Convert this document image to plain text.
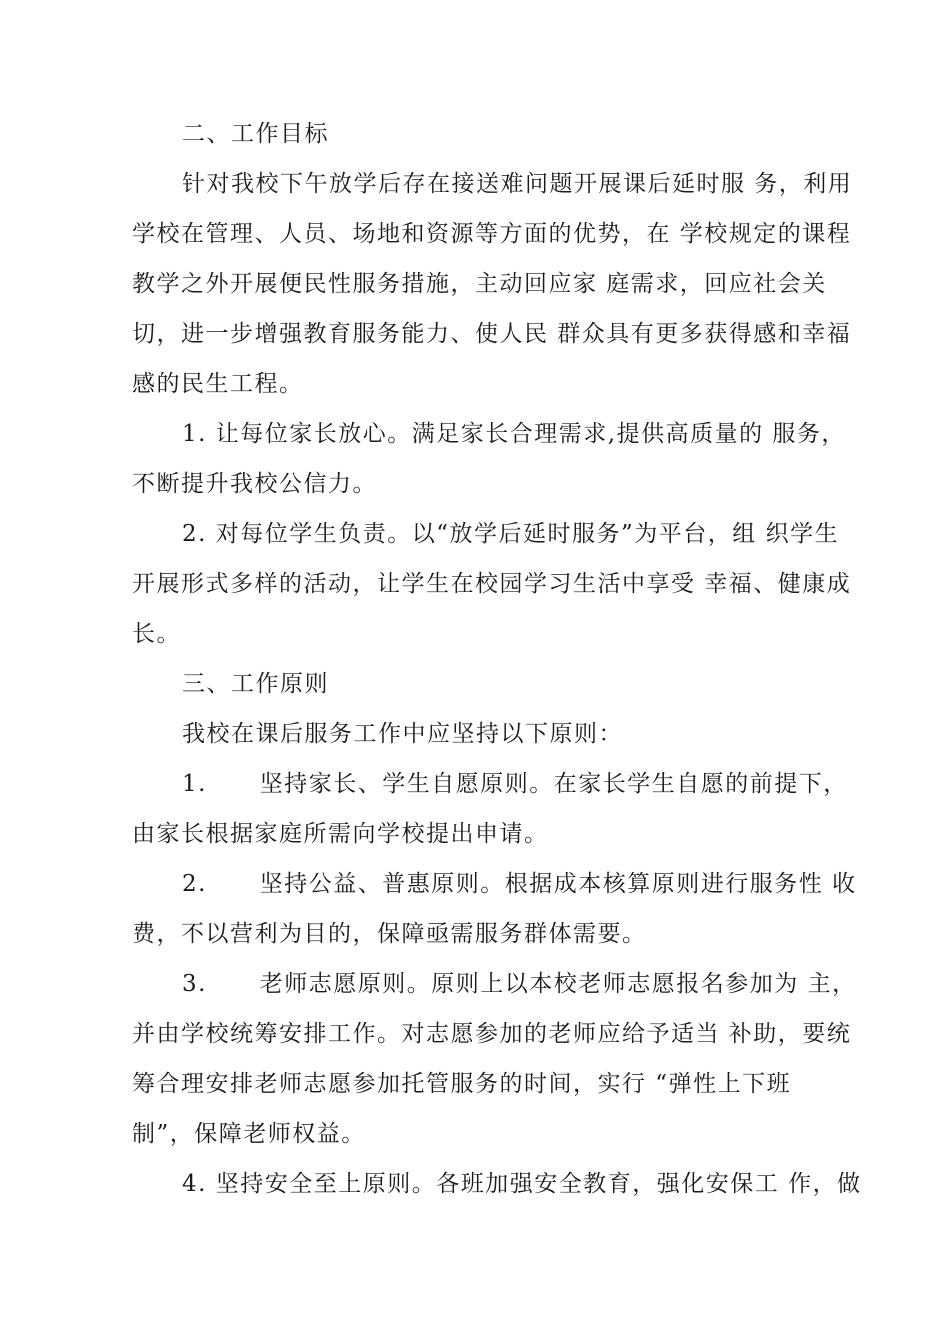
二、工作目标
针对我校下午放学后存在接送难问题开展课后延时服 务，利用
学校在管理、人员、场地和资源等方面的优势，在 学校规定的课程
教学之外开展便民性服务措施，主动回应家 庭需求，回应社会关
切，进一步增强教育服务能力、使人民 群众具有更多获得感和幸福
感的民生工程。
1. 让每位家长放心。满足家长合理需求,提供高质量的 服务，
不断提升我校公信力。
2. 对每位学生负责。以“放学后延时服务”为平台，组 织学生
开展形式多样的活动，让学生在校园学习生活中享受 幸福、健康成
长。
三、工作原则
我校在课后服务工作中应坚持以下原则：
1.      坚持家长、学生自愿原则。在家长学生自愿的前提下，
由家长根据家庭所需向学校提出申请。
2.      坚持公益、普惠原则。根据成本核算原则进行服务性 收
费，不以营利为目的，保障亟需服务群体需要。
3.      老师志愿原则。原则上以本校老师志愿报名参加为 主，
并由学校统筹安排工作。对志愿参加的老师应给予适当 补助，要统
筹合理安排老师志愿参加托管服务的时间，实行 “弹性上下班
制”，保障老师权益。
4. 坚持安全至上原则。各班加强安全教育，强化安保工 作，做
